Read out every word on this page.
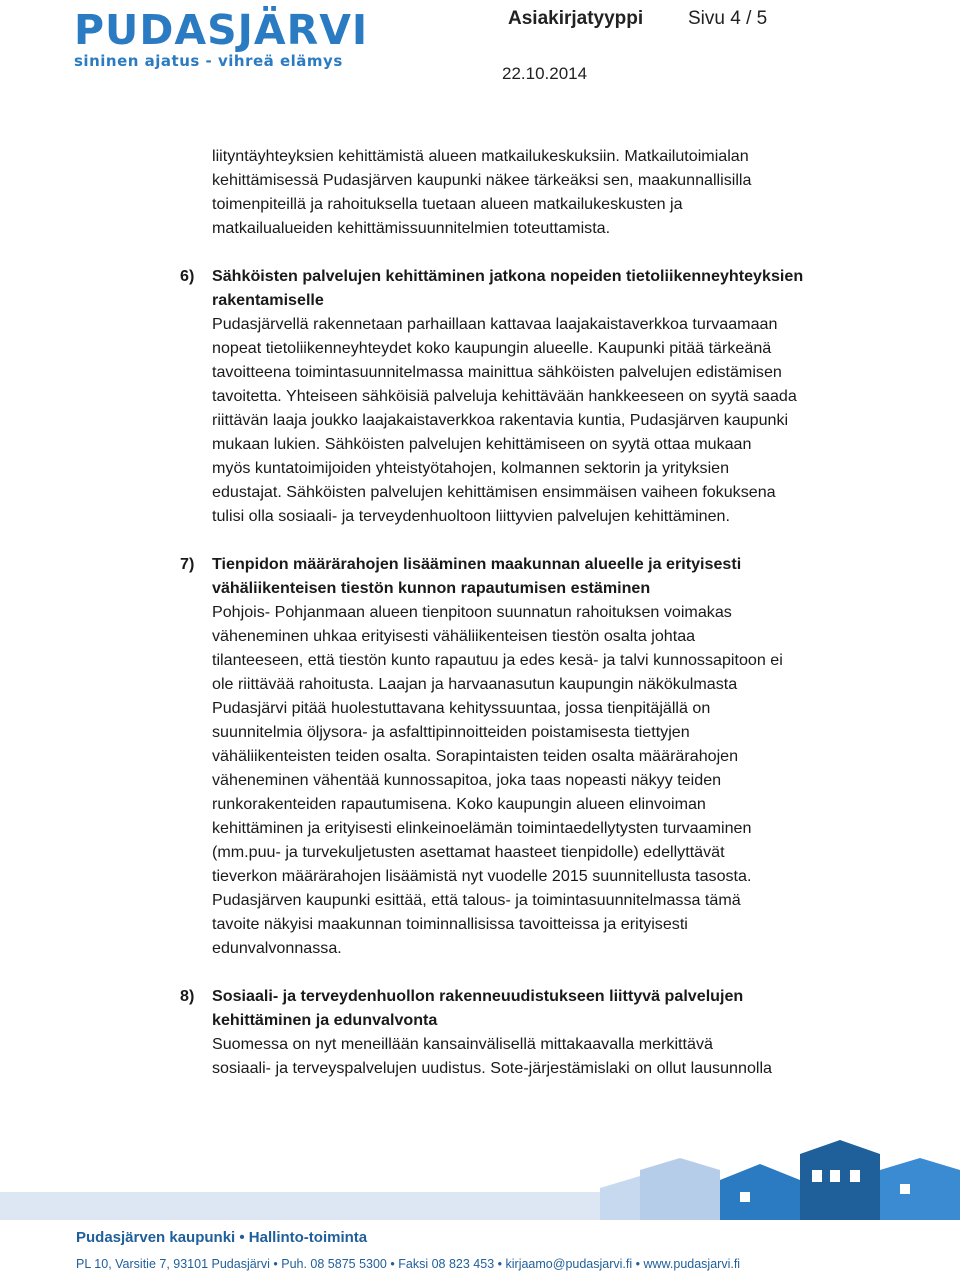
PUDASJÄRVI
sininen ajatus - vihreä elämys
Asiakirjatyyppi Sivu 4 / 5
22.10.2014

liityntäyhteyksien kehittämistä alueen matkailukeskuksiin. Matkailutoimialan

kehittämisessä Pudasjärven kaupunki näkee tärkeäksi sen, maakunnallisilla

toimenpiteillä ja rahoituksella tuetaan alueen matkailukeskusten ja

matkailualueiden kehittämissuunnitelmien toteuttamista.

6) Sähköisten palvelujen kehittäminen jatkona nopeiden tietoliikenneyhteyksien

rakentamiselle

Pudasjärvellä rakennetaan parhaillaan kattavaa laajakaistaverkkoa turvaamaan

nopeat tietoliikenneyhteydet koko kaupungin alueelle. Kaupunki pitää tärkeänä

tavoitteena toimintasuunnitelmassa mainittua sähköisten palvelujen edistämisen

tavoitetta. Yhteiseen sähköisiä palveluja kehittävään hankkeeseen on syytä saada

riittävän laaja joukko laajakaistaverkkoa rakentavia kuntia, Pudasjärven kaupunki

mukaan lukien. Sähköisten palvelujen kehittämiseen on syytä ottaa mukaan

myös kuntatoimijoiden yhteistyötahojen, kolmannen sektorin ja yrityksien

edustajat. Sähköisten palvelujen kehittämisen ensimmäisen vaiheen fokuksena

tulisi olla sosiaali- ja terveydenhuoltoon liittyvien palvelujen kehittäminen.

7) Tienpidon määrärahojen lisääminen maakunnan alueelle ja erityisesti

vähäliikenteisen tiestön kunnon rapautumisen estäminen

Pohjois- Pohjanmaan alueen tienpitoon suunnatun rahoituksen voimakas

väheneminen uhkaa erityisesti vähäliikenteisen tiestön osalta johtaa

tilanteeseen, että tiestön kunto rapautuu ja edes kesä- ja talvi kunnossapitoon ei

ole riittävää rahoitusta. Laajan ja harvaanasutun kaupungin näkökulmasta

Pudasjärvi pitää huolestuttavana kehityssuuntaa, jossa tienpitäjällä on

suunnitelmia öljysora- ja asfalttipinnoitteiden poistamisesta tiettyjen

vähäliikenteisten teiden osalta. Sorapintaisten teiden osalta määrärahojen

väheneminen vähentää kunnossapitoa, joka taas nopeasti näkyy teiden

runkorakenteiden rapautumisena. Koko kaupungin alueen elinvoiman

kehittäminen ja erityisesti elinkeinoelämän toimintaedellytysten turvaaminen

(mm.puu- ja turvekuljetusten asettamat haasteet tienpidolle) edellyttävät

tieverkon määrärahojen lisäämistä nyt vuodelle 2015 suunnitellusta tasosta.

Pudasjärven kaupunki esittää, että talous- ja toimintasuunnitelmassa tämä

tavoite näkyisi maakunnan toiminnallisissa tavoitteissa ja erityisesti

edunvalvonnassa.

8) Sosiaali- ja terveydenhuollon rakenneuudistukseen liittyvä palvelujen

kehittäminen ja edunvalvonta

Suomessa on nyt meneillään kansainvälisellä mittakaavalla merkittävä

sosiaali- ja terveyspalvelujen uudistus. Sote-järjestämislaki on ollut lausunnolla

Pudasjärven kaupunki • Hallinto-toiminta
PL 10, Varsitie 7, 93101 Pudasjärvi • Puh. 08 5875 5300 • Faksi 08 823 453 • kirjaamo@pudasjarvi.fi • www.pudasjarvi.fi
